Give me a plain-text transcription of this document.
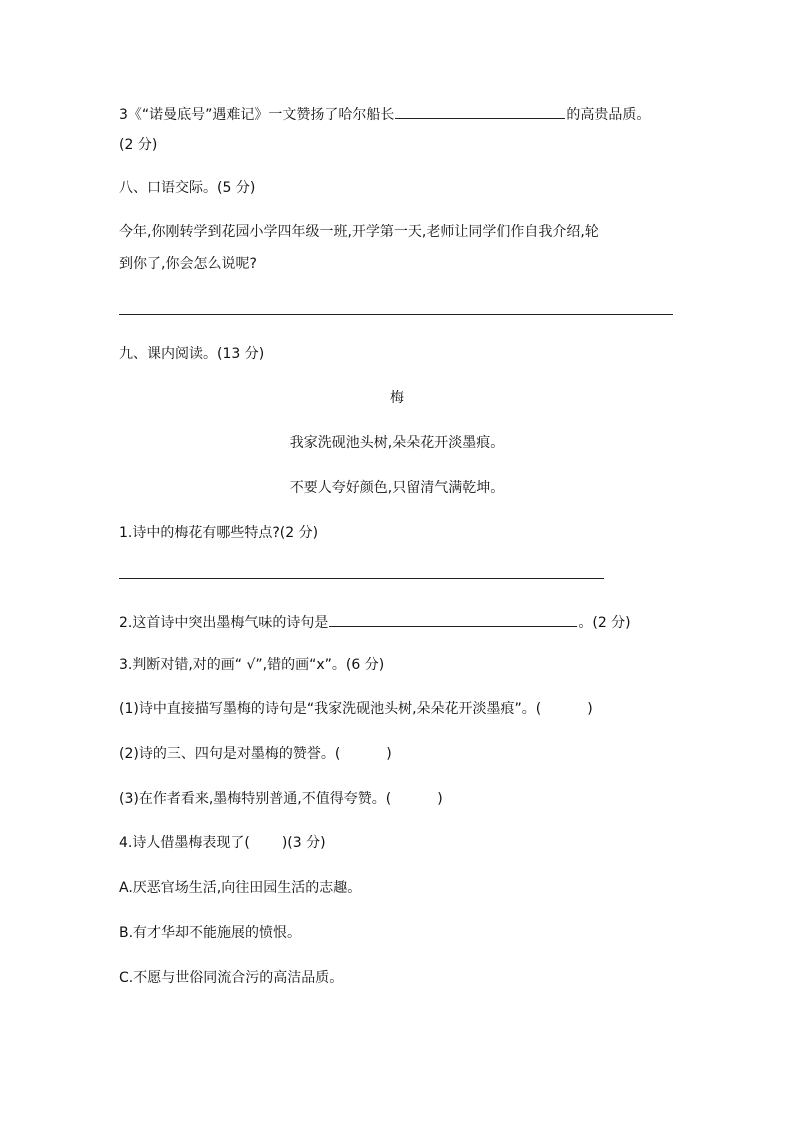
3《“诺曼底号”遇难记》一文赞扬了哈尔船长	的高贵品质。
(2 分)
八、口语交际。(5 分)
今年,你刚转学到花园小学四年级一班,开学第一天,老师让同学们作自我介绍,轮
到你了,你会怎么说呢?
九、课内阅读。(13 分)
梅
我家洗砚池头树,朵朵花开淡墨痕。
不要人夸好颜色,只留清气满乾坤。
1.诗中的梅花有哪些特点?(2 分)
2.这首诗中突出墨梅气味的诗句是	。(2 分)
3.判断对错,对的画“ √”,错的画“x”。(6 分)
(1)诗中直接描写墨梅的诗句是“我家洗砚池头树,朵朵花开淡墨痕”。(	)
(2)诗的三、四句是对墨梅的赞誉。(	)
(3)在作者看来,墨梅特别普通,不值得夸赞。(	)
4.诗人借墨梅表现了( )(3 分)
A.厌恶官场生活,向往田园生活的志趣。
B.有才华却不能施展的愤恨。
C.不愿与世俗同流合污的高洁品质。
